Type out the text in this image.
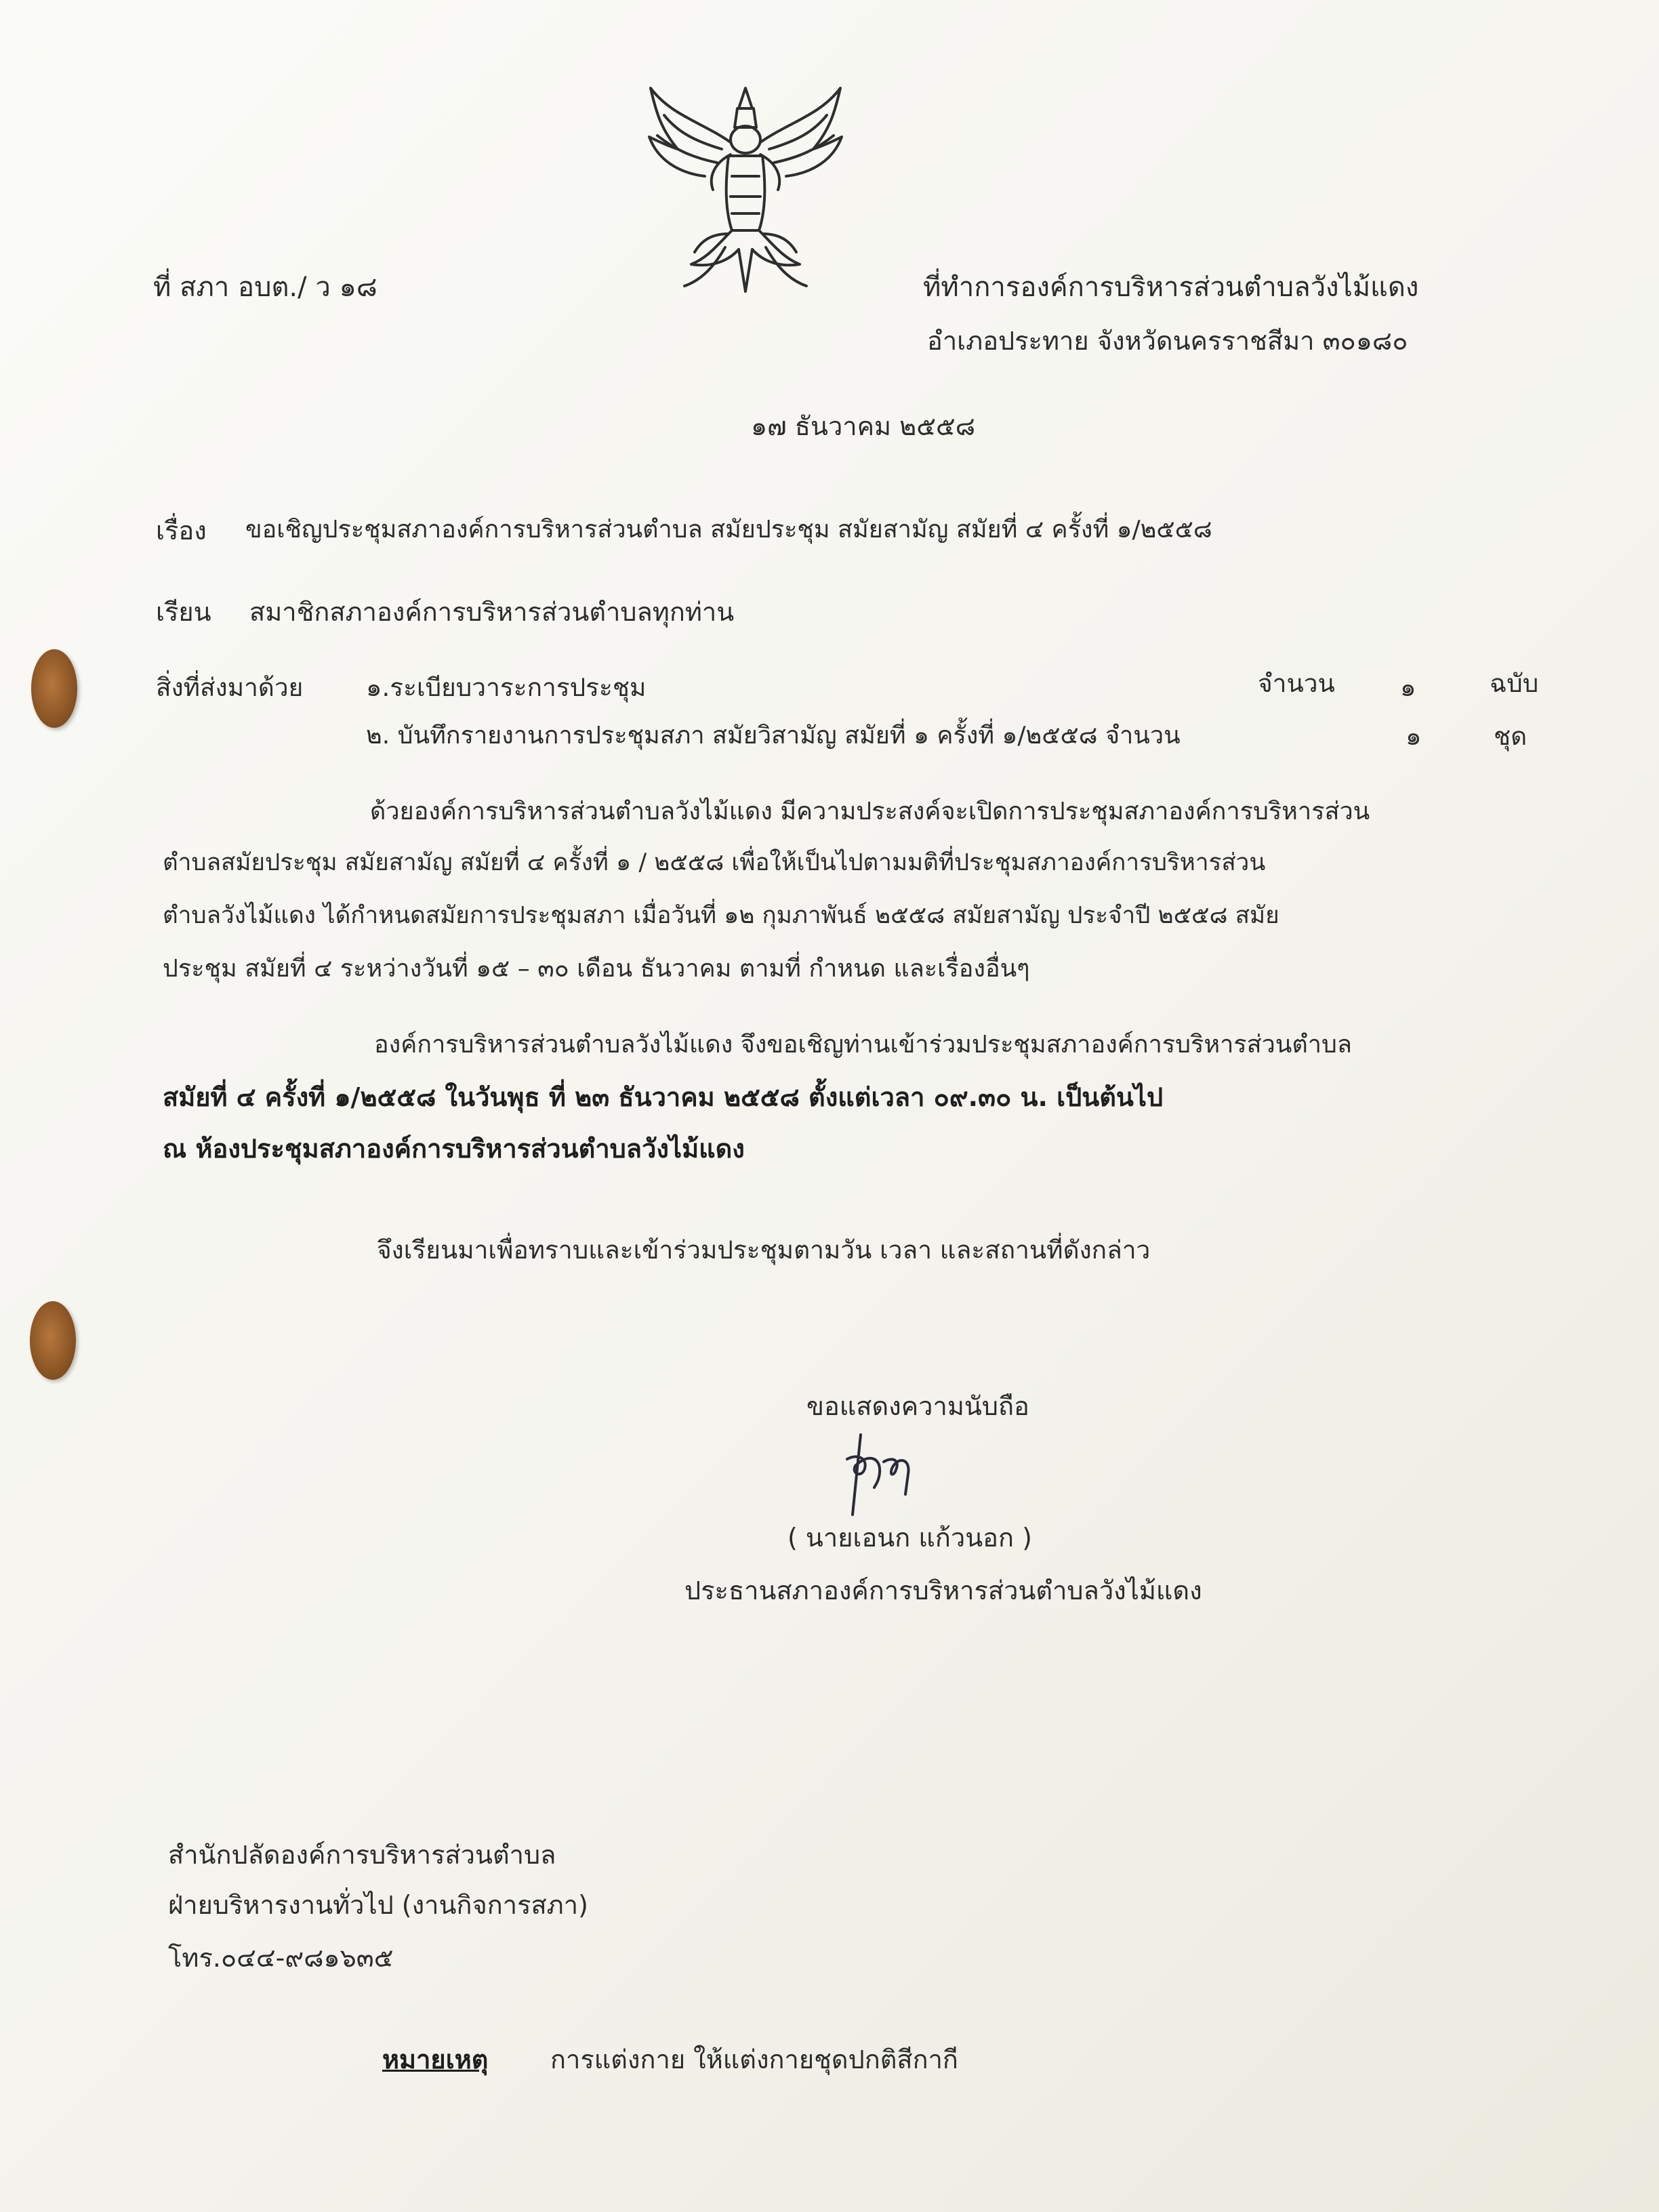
ที่ สภา อบต./ ว ๑๘	ที่ทำการองค์การบริหารส่วนตำบลวังไม้แดง
อำเภอประทาย จังหวัดนครราชสีมา ๓๐๑๘๐
๑๗ ธันวาคม ๒๕๕๘
เรื่อง ขอเชิญประชุมสภาองค์การบริหารส่วนตำบล สมัยประชุม สมัยสามัญ สมัยที่ ๔ ครั้งที่ ๑/๒๕๕๘
เรียน สมาชิกสภาองค์การบริหารส่วนตำบลทุกท่าน
สิ่งที่ส่งมาด้วย	๑.ระเบียบวาระการประชุม	จำนวน	๑	ฉบับ
๒. บันทึกรายงานการประชุมสภา สมัยวิสามัญ สมัยที่ ๑ ครั้งที่ ๑/๒๕๕๘ จำนวน	๑	ชุด
ด้วยองค์การบริหารส่วนตำบลวังไม้แดง มีความประสงค์จะเปิดการประชุมสภาองค์การบริหารส่วน
ตำบลสมัยประชุม สมัยสามัญ สมัยที่ ๔ ครั้งที่ ๑ / ๒๕๕๘ เพื่อให้เป็นไปตามมติที่ประชุมสภาองค์การบริหารส่วน
ตำบลวังไม้แดง ได้กำหนดสมัยการประชุมสภา เมื่อวันที่ ๑๒ กุมภาพันธ์ ๒๕๕๘ สมัยสามัญ ประจำปี ๒๕๕๘ สมัย
ประชุม สมัยที่ ๔ ระหว่างวันที่ ๑๕ – ๓๐ เดือน ธันวาคม ตามที่ กำหนด และเรื่องอื่นๆ
องค์การบริหารส่วนตำบลวังไม้แดง จึงขอเชิญท่านเข้าร่วมประชุมสภาองค์การบริหารส่วนตำบล
สมัยที่ ๔ ครั้งที่ ๑/๒๕๕๘ ในวันพุธ ที่ ๒๓ ธันวาคม ๒๕๕๘ ตั้งแต่เวลา ๐๙.๓๐ น. เป็นต้นไป
ณ ห้องประชุมสภาองค์การบริหารส่วนตำบลวังไม้แดง
จึงเรียนมาเพื่อทราบและเข้าร่วมประชุมตามวัน เวลา และสถานที่ดังกล่าว
ขอแสดงความนับถือ
( นายเอนก แก้วนอก )
ประธานสภาองค์การบริหารส่วนตำบลวังไม้แดง
สำนักปลัดองค์การบริหารส่วนตำบล
ฝ่ายบริหารงานทั่วไป (งานกิจการสภา)
โทร.๐๔๔-๙๘๑๖๓๕
หมายเหตุ การแต่งกาย ให้แต่งกายชุดปกติสีกากี
